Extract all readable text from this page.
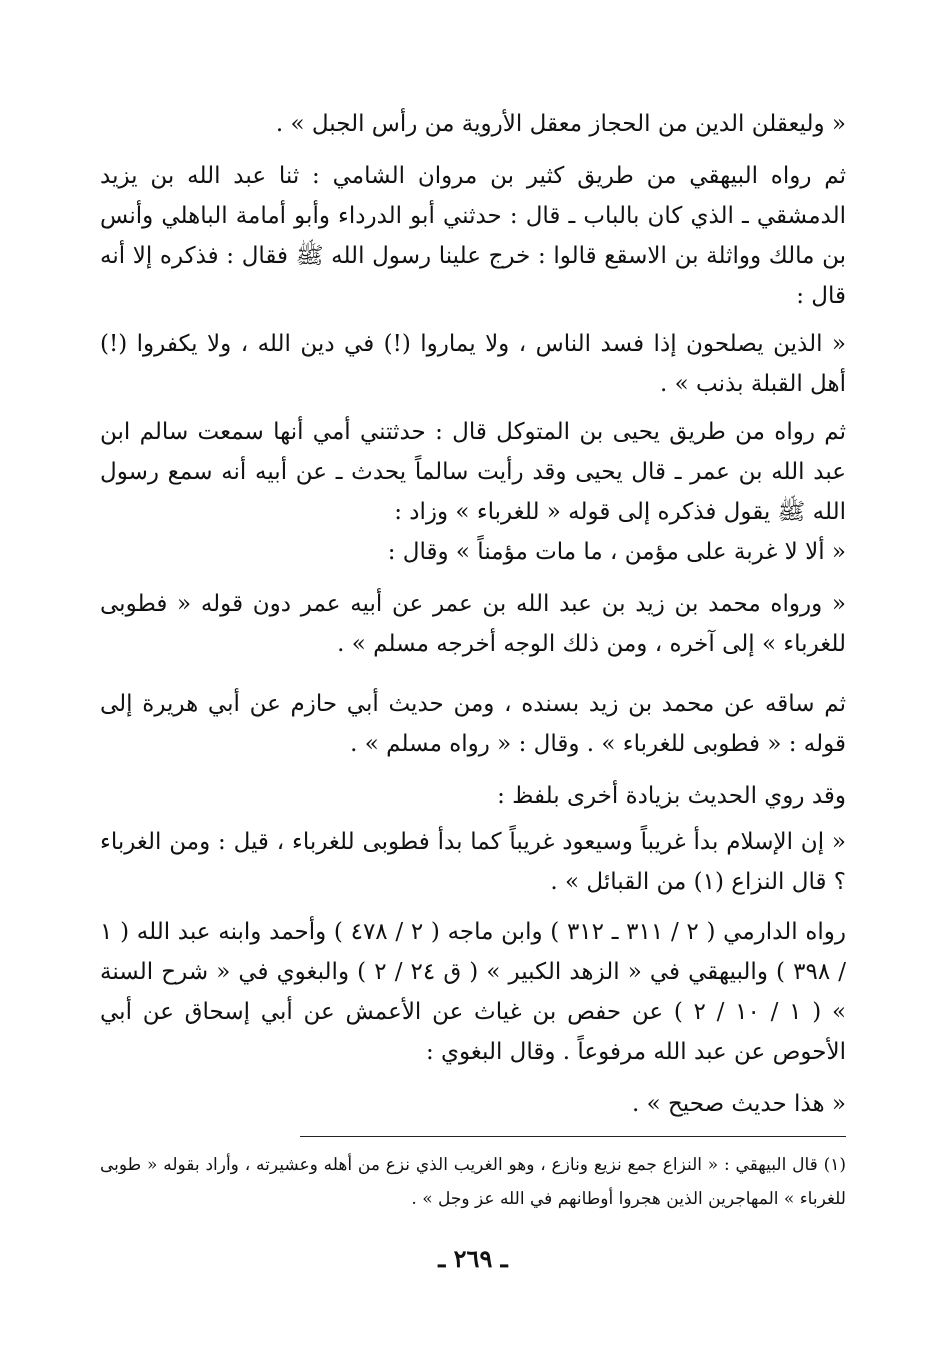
« وليعقلن الدين من الحجاز معقل الأروية من رأس الجبل » .
ثم رواه البيهقي من طريق كثير بن مروان الشامي : ثنا عبد الله بن يزيد الدمشقي ـ الذي كان بالباب ـ قال : حدثني أبو الدرداء وأبو أمامة الباهلي وأنس بن مالك وواثلة بن الاسقع قالوا : خرج علينا رسول الله ﷺ فقال : فذكره إلا أنه قال :
« الذين يصلحون إذا فسد الناس ، ولا يماروا (!) في دين الله ، ولا يكفروا (!) أهل القبلة بذنب » .
ثم رواه من طريق يحيى بن المتوكل قال : حدثتني أمي أنها سمعت سالم ابن عبد الله بن عمر ـ قال يحيى وقد رأيت سالماً يحدث ـ عن أبيه أنه سمع رسول الله ﷺ يقول فذكره إلى قوله « للغرباء » وزاد :
« ألا لا غربة على مؤمن ، ما مات مؤمناً » وقال :
« ورواه محمد بن زيد بن عبد الله بن عمر عن أبيه عمر دون قوله « فطوبى للغرباء » إلى آخره ، ومن ذلك الوجه أخرجه مسلم » .
ثم ساقه عن محمد بن زيد بسنده ، ومن حديث أبي حازم عن أبي هريرة إلى قوله : « فطوبى للغرباء » . وقال : « رواه مسلم » .
وقد روي الحديث بزيادة أخرى بلفظ :
« إن الإسلام بدأ غريباً وسيعود غريباً كما بدأ فطوبى للغرباء ، قيل : ومن الغرباء ؟ قال النزاع (١) من القبائل » .
رواه الدارمي ( ٢ / ٣١١ ـ ٣١٢ ) وابن ماجه ( ٢ / ٤٧٨ ) وأحمد وابنه عبد الله ( ١ / ٣٩٨ ) والبيهقي في « الزهد الكبير » ( ق ٢٤ / ٢ ) والبغوي في « شرح السنة » ( ١ / ١٠ / ٢ ) عن حفص بن غياث عن الأعمش عن أبي إسحاق عن أبي الأحوص عن عبد الله مرفوعاً . وقال البغوي :
« هذا حديث صحيح » .
(١) قال البيهقي : « النزاع جمع نزيع ونازع ، وهو الغريب الذي نزع من أهله وعشيرته ، وأراد بقوله « طوبى للغرباء » المهاجرين الذين هجروا أوطانهم في الله عز وجل » .
ـ ٢٦٩ ـ
